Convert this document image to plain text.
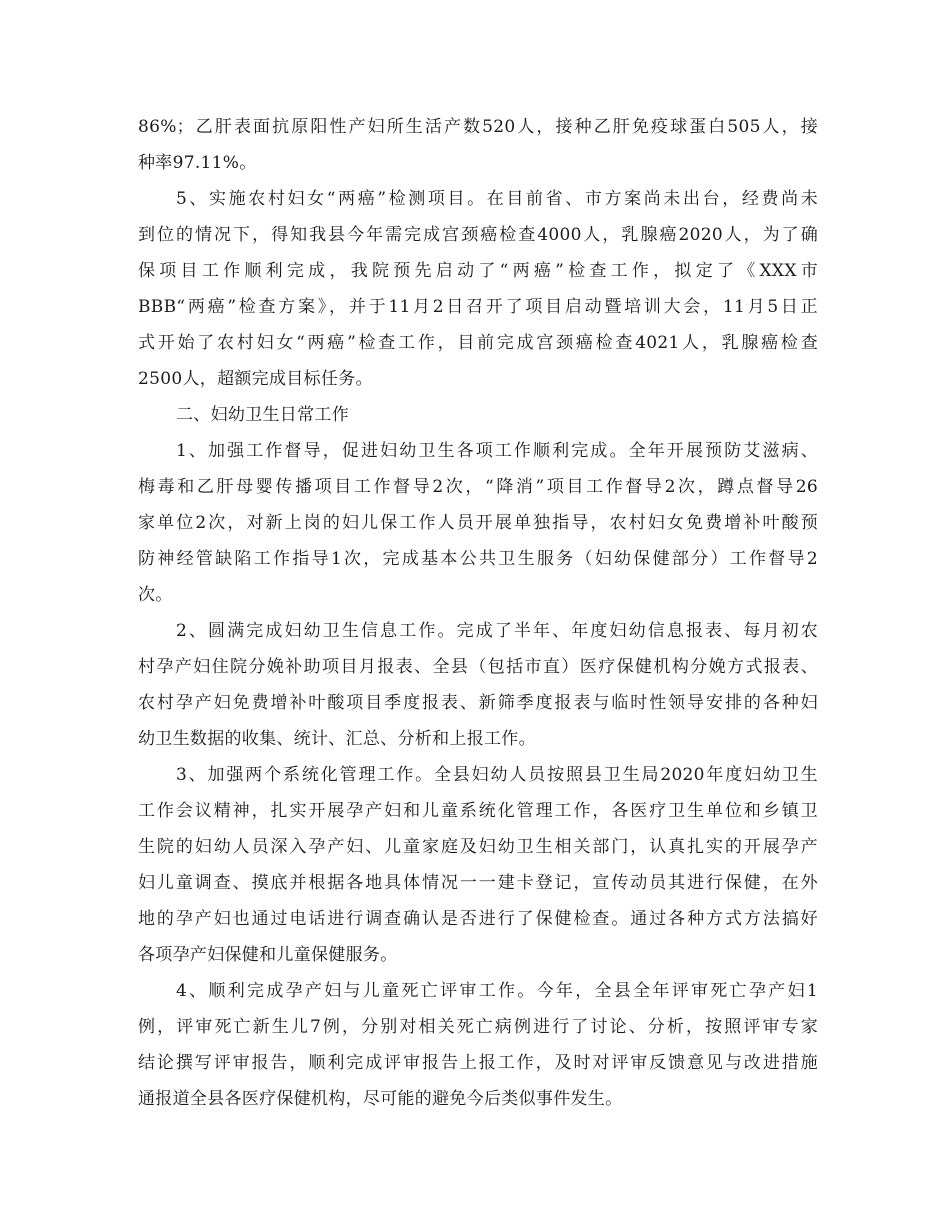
86%；乙肝表面抗原阳性产妇所生活产数520人，接种乙肝免疫球蛋白505人，接
种率97.11%。
5、实施农村妇女“两癌”检测项目。在目前省、市方案尚未出台，经费尚未
到位的情况下，得知我县今年需完成宫颈癌检查4000人，乳腺癌2020人，为了确
保项目工作顺利完成，我院预先启动了“两癌”检查工作，拟定了《XXX市
BBB“两癌”检查方案》，并于11月2日召开了项目启动暨培训大会，11月5日正
式开始了农村妇女“两癌”检查工作，目前完成宫颈癌检查4021人，乳腺癌检查
2500人，超额完成目标任务。
二、妇幼卫生日常工作
1、加强工作督导，促进妇幼卫生各项工作顺利完成。全年开展预防艾滋病、
梅毒和乙肝母婴传播项目工作督导2次，“降消”项目工作督导2次，蹲点督导26
家单位2次，对新上岗的妇儿保工作人员开展单独指导，农村妇女免费增补叶酸预
防神经管缺陷工作指导1次，完成基本公共卫生服务（妇幼保健部分）工作督导2
次。
2、圆满完成妇幼卫生信息工作。完成了半年、年度妇幼信息报表、每月初农
村孕产妇住院分娩补助项目月报表、全县（包括市直）医疗保健机构分娩方式报表、
农村孕产妇免费增补叶酸项目季度报表、新筛季度报表与临时性领导安排的各种妇
幼卫生数据的收集、统计、汇总、分析和上报工作。
3、加强两个系统化管理工作。全县妇幼人员按照县卫生局2020年度妇幼卫生
工作会议精神，扎实开展孕产妇和儿童系统化管理工作，各医疗卫生单位和乡镇卫
生院的妇幼人员深入孕产妇、儿童家庭及妇幼卫生相关部门，认真扎实的开展孕产
妇儿童调查、摸底并根据各地具体情况一一建卡登记，宣传动员其进行保健，在外
地的孕产妇也通过电话进行调查确认是否进行了保健检查。通过各种方式方法搞好
各项孕产妇保健和儿童保健服务。
4、顺利完成孕产妇与儿童死亡评审工作。今年，全县全年评审死亡孕产妇1
例，评审死亡新生儿7例，分别对相关死亡病例进行了讨论、分析，按照评审专家
结论撰写评审报告，顺利完成评审报告上报工作，及时对评审反馈意见与改进措施
通报道全县各医疗保健机构，尽可能的避免今后类似事件发生。
